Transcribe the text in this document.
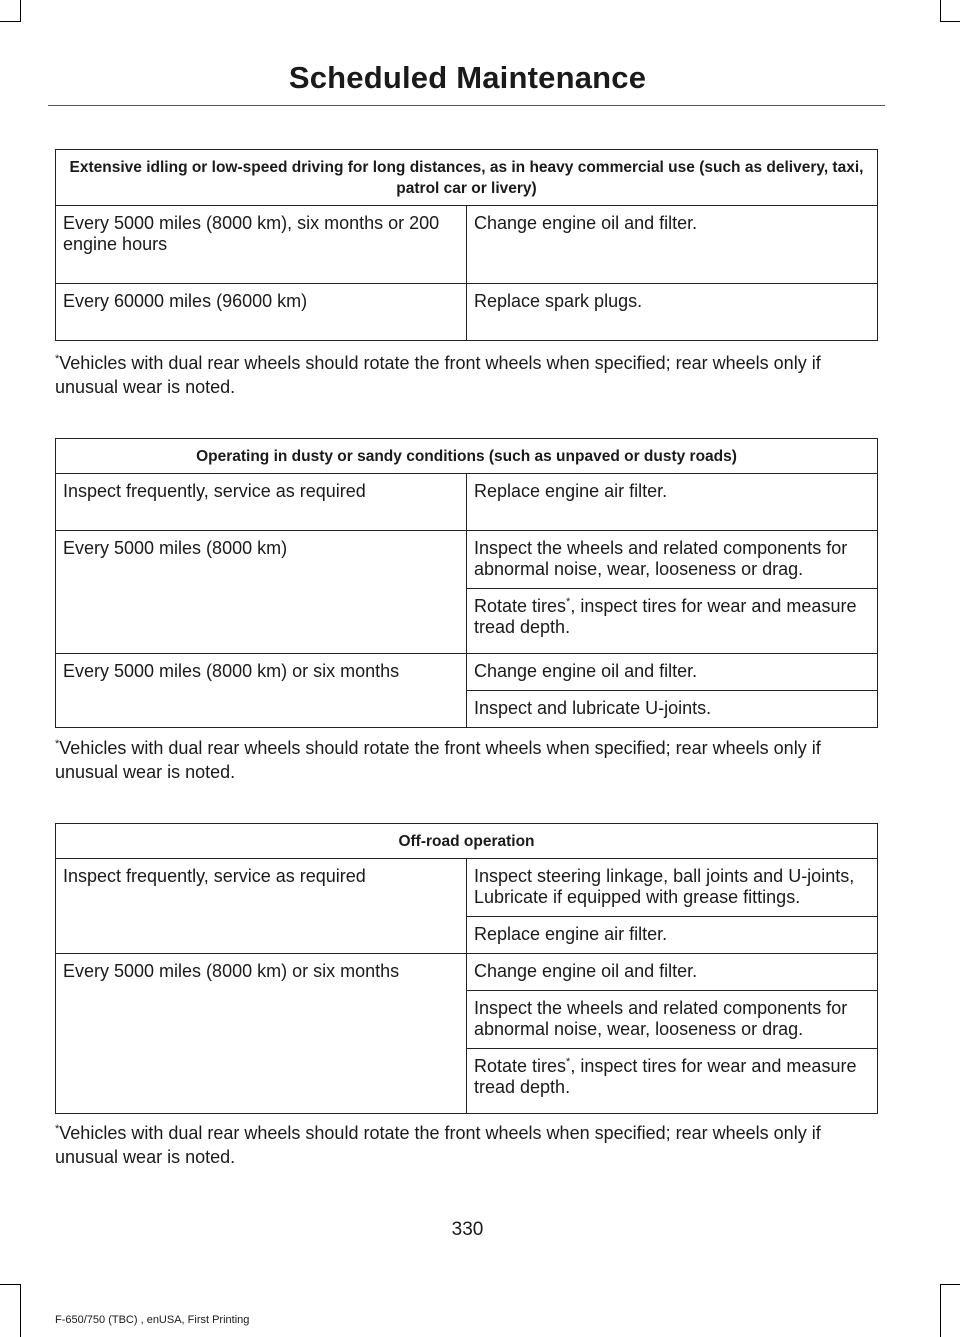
Scheduled Maintenance
Extensive idling or low-speed driving for long distances, as in heavy commercial use (such as delivery, taxi, patrol car or livery)	
Every 5000 miles (8000 km), six months or 200 engine hours	Change engine oil and filter.
Every 60000 miles (96000 km)	Replace spark plugs.
*Vehicles with dual rear wheels should rotate the front wheels when specified; rear wheels only if unusual wear is noted.
Operating in dusty or sandy conditions (such as unpaved or dusty roads)	
Inspect frequently, service as required	Replace engine air filter.
Every 5000 miles (8000 km)	Inspect the wheels and related components for abnormal noise, wear, looseness or drag.
	Rotate tires*, inspect tires for wear and measure tread depth.
Every 5000 miles (8000 km) or six months	Change engine oil and filter.
	Inspect and lubricate U-joints.
*Vehicles with dual rear wheels should rotate the front wheels when specified; rear wheels only if unusual wear is noted.
Off-road operation	
Inspect frequently, service as required	Inspect steering linkage, ball joints and U-joints, Lubricate if equipped with grease fittings.
	Replace engine air filter.
Every 5000 miles (8000 km) or six months	Change engine oil and filter.
	Inspect the wheels and related components for abnormal noise, wear, looseness or drag.
	Rotate tires*, inspect tires for wear and measure tread depth.
*Vehicles with dual rear wheels should rotate the front wheels when specified; rear wheels only if unusual wear is noted.
330
F-650/750 (TBC) , enUSA, First Printing
